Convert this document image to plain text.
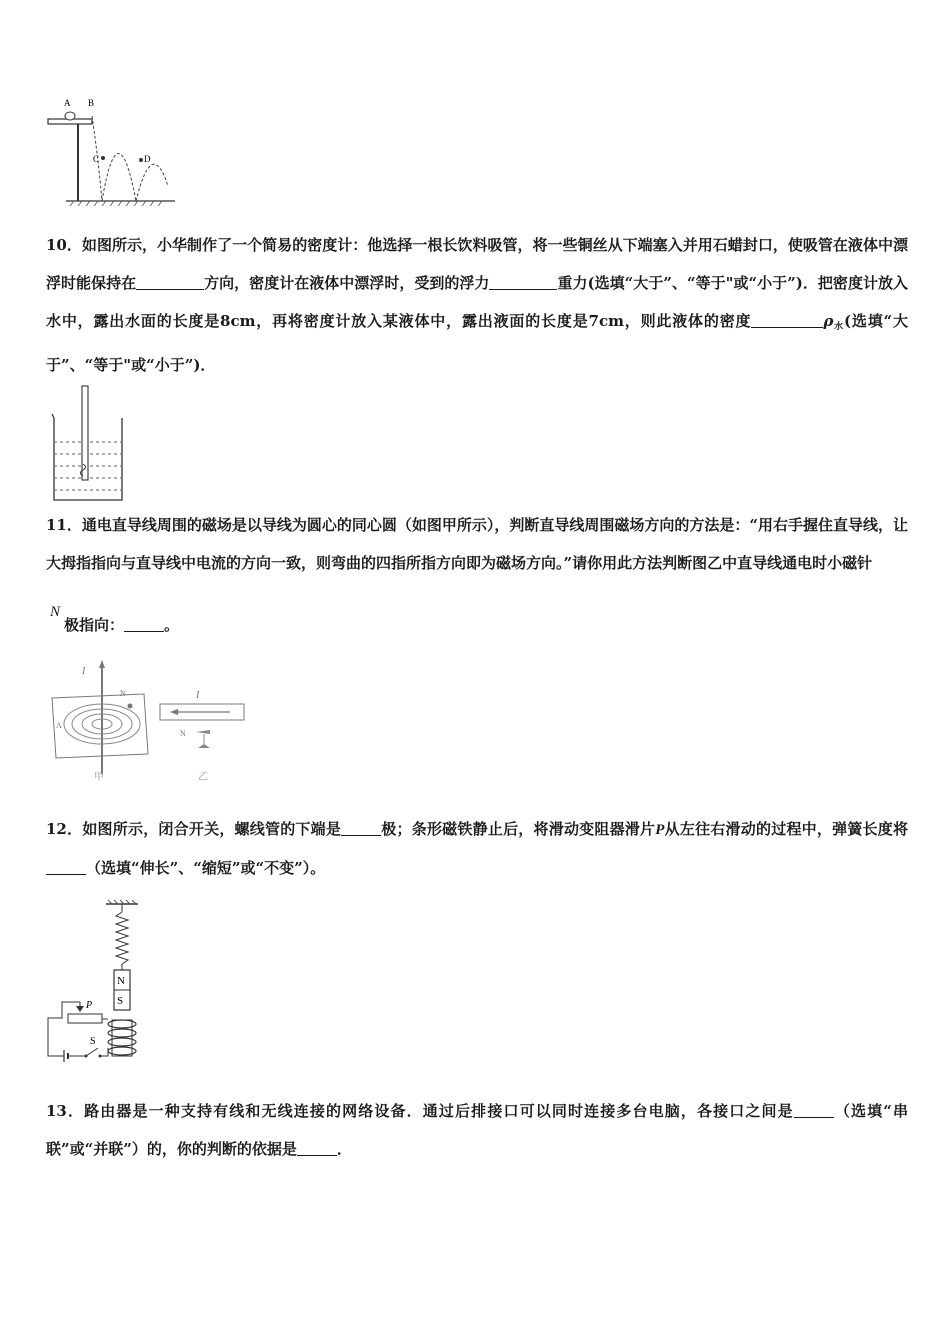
A B
C	D
10．如图所示，小华制作了一个简易的密度计：他选择一根长饮料吸管，将一些铜丝从下端塞入并用石蜡封口，使吸管在液体中漂浮时能保持在	方向，密度计在液体中漂浮时，受到的浮力	重力(选填“大于”、“等于"或“小于”)．把密度计放入水中，露出水面的长度是8cm，再将密度计放入某液体中，露出液面的长度是7cm，则此液体的密度	$\rho_水$(选填“大于”、“等于"或“小于”)．
11．通电直导线周围的磁场是以导线为圆心的同心圆（如图甲所示），判断直导线周围磁场方向的方法是：“用右手握住直导线，让大拇指指向与直导线中电流的方向一致，则弯曲的四指所指方向即为磁场方向。”请你用此方法判断图乙中直导线通电时小磁针
N极指向：	。
I
N
A
甲
I
N
乙
12．如图所示，闭合开关，螺线管的下端是	极；条形磁铁静止后，将滑动变阻器滑片P从左往右滑动的过程中，弹簧长度将（选填“伸长”、“缩短”或“不变”）。
N
S
P
S
13．路由器是一种支持有线和无线连接的网络设备．通过后排接口可以同时连接多台电脑，各接口之间是	（选填“串联”或“并联”）的，你的判断的依据是	．
